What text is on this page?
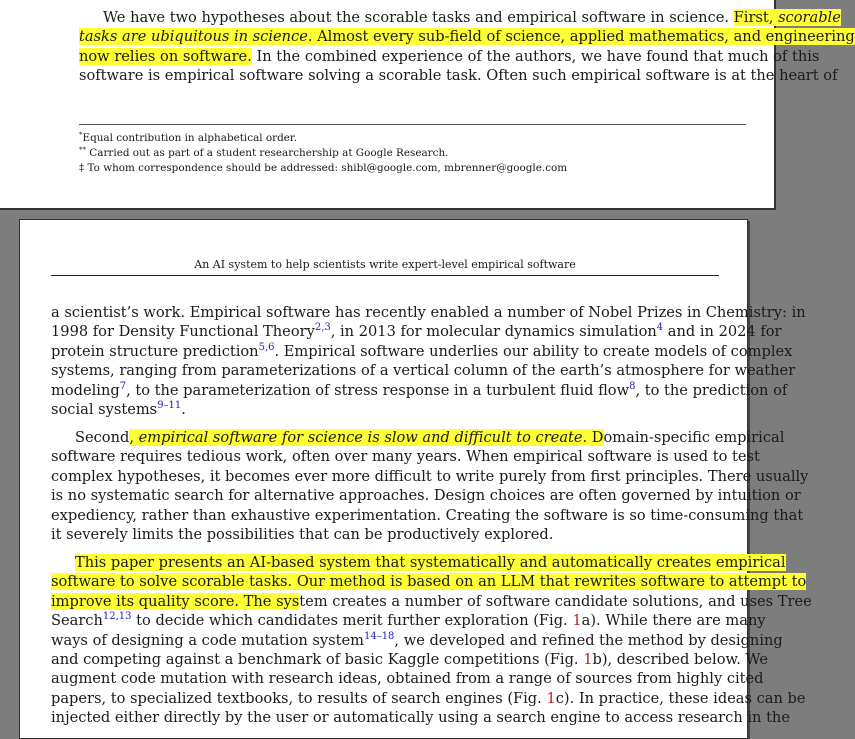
We have two hypotheses about the scorable tasks and empirical software in science. First, scorable
tasks are ubiquitous in science. Almost every sub-field of science, applied mathematics, and engineering
now relies on software. In the combined experience of the authors, we have found that much of this
software is empirical software solving a scorable task. Often such empirical software is at the heart of
*Equal contribution in alphabetical order.
** Carried out as part of a student researchership at Google Research.
‡ To whom correspondence should be addressed: shibl@google.com, mbrenner@google.com
An AI system to help scientists write expert-level empirical software
a scientist’s work. Empirical software has recently enabled a number of Nobel Prizes in Chemistry: in
1998 for Density Functional Theory$^{2,3}$, in 2013 for molecular dynamics simulation$^4$ and in 2024 for
protein structure prediction$^{5,6}$. Empirical software underlies our ability to create models of complex
systems, ranging from parameterizations of a vertical column of the earth’s atmosphere for weather
modeling$^7$, to the parameterization of stress response in a turbulent fluid flow$^8$, to the prediction of
social systems$^{9-11}$.
Second, empirical software for science is slow and difficult to create. Domain-specific empirical
software requires tedious work, often over many years. When empirical software is used to test
complex hypotheses, it becomes ever more difficult to write purely from first principles. There usually
is no systematic search for alternative approaches. Design choices are often governed by intuition or
expediency, rather than exhaustive experimentation. Creating the software is so time-consuming that
it severely limits the possibilities that can be productively explored.
This paper presents an AI-based system that systematically and automatically creates empirical
software to solve scorable tasks. Our method is based on an LLM that rewrites software to attempt to
improve its quality score. The system creates a number of software candidate solutions, and uses Tree
Search$^{12,13}$ to decide which candidates merit further exploration (Fig. 1a). While there are many
ways of designing a code mutation system$^{14-18}$, we developed and refined the method by designing
and competing against a benchmark of basic Kaggle competitions (Fig. 1b), described below. We
augment code mutation with research ideas, obtained from a range of sources from highly cited
papers, to specialized textbooks, to results of search engines (Fig. 1c). In practice, these ideas can be
injected either directly by the user or automatically using a search engine to access research in the
